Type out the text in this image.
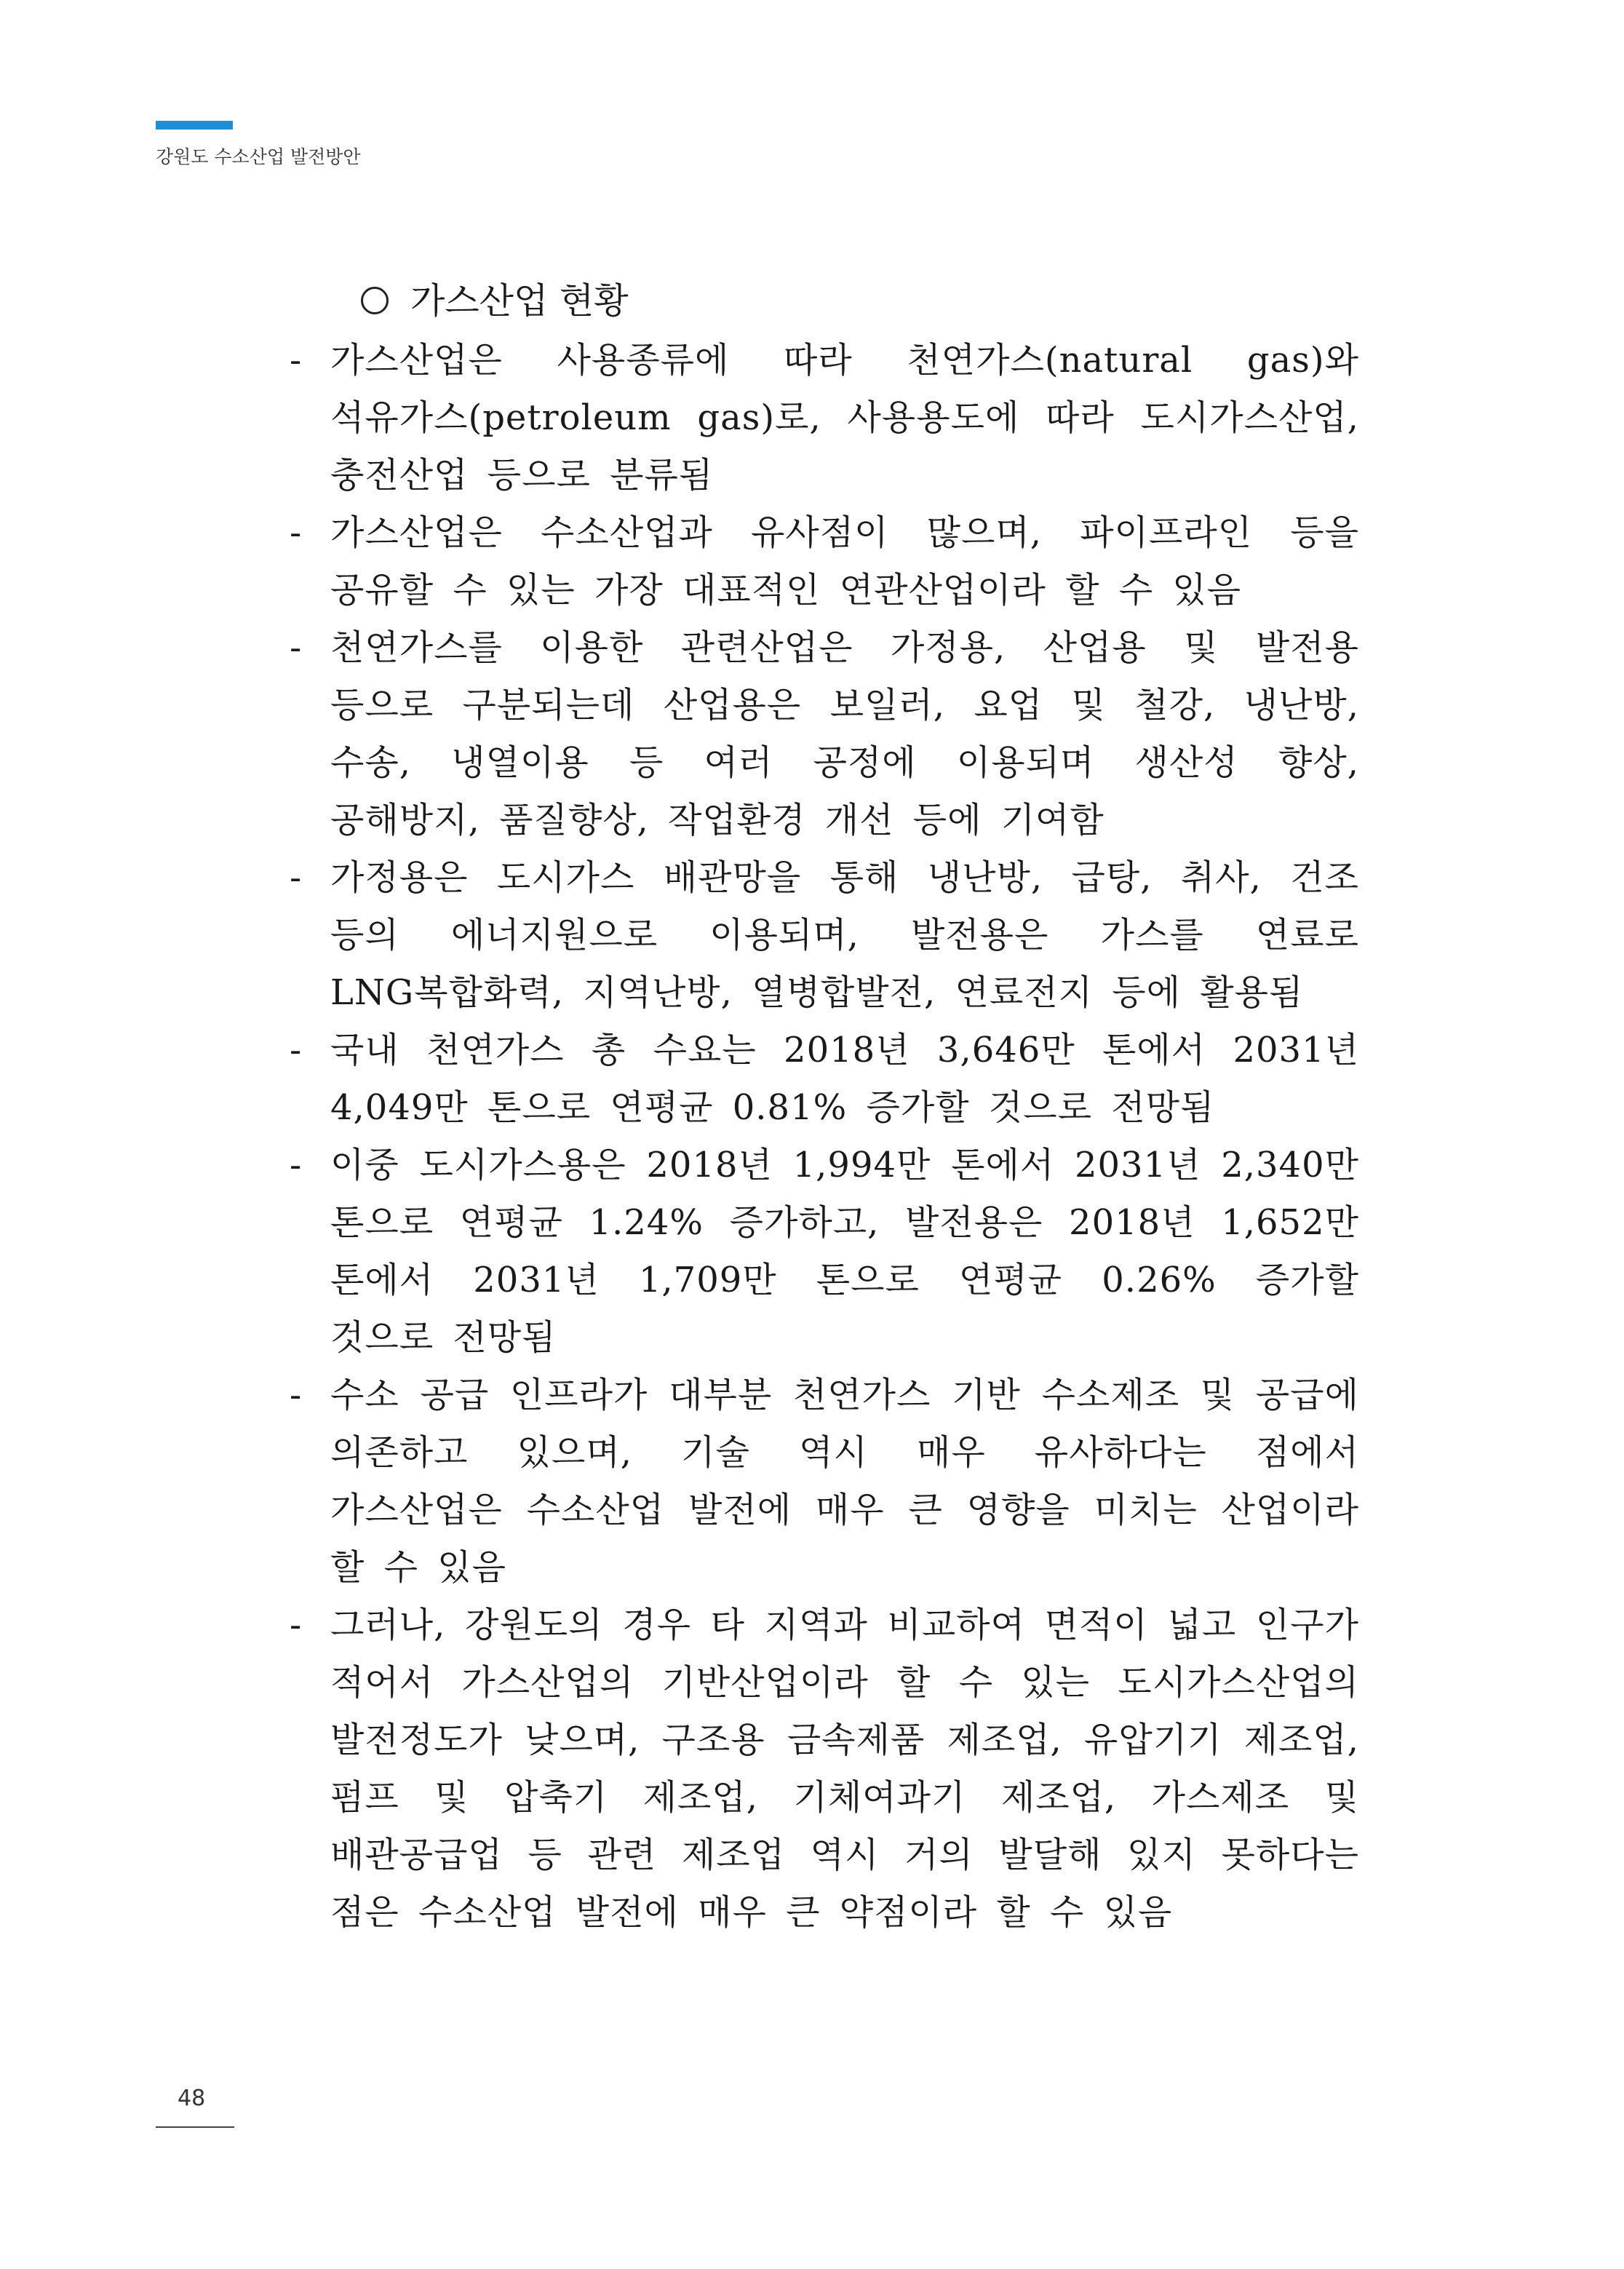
강원도 수소산업 발전방안
가스산업 현황
- 가스산업은 사용종류에 따라 천연가스(natural gas)와 석유가스(petroleum gas)로, 사용용도에 따라 도시가스산업, 충전산업 등으로 분류됨
- 가스산업은 수소산업과 유사점이 많으며, 파이프라인 등을 공유할 수 있는 가장 대표적인 연관산업이라 할 수 있음
- 천연가스를 이용한 관련산업은 가정용, 산업용 및 발전용 등으로 구분되는데 산업용은 보일러, 요업 및 철강, 냉난방, 수송, 냉열이용 등 여러 공정에 이용되며 생산성 향상, 공해방지, 품질향상, 작업환경 개선 등에 기여함
- 가정용은 도시가스 배관망을 통해 냉난방, 급탕, 취사, 건조 등의 에너지원으로 이용되며, 발전용은 가스를 연료로 LNG복합화력, 지역난방, 열병합발전, 연료전지 등에 활용됨
- 국내 천연가스 총 수요는 2018년 3,646만 톤에서 2031년 4,049만 톤으로 연평균 0.81% 증가할 것으로 전망됨
- 이중 도시가스용은 2018년 1,994만 톤에서 2031년 2,340만 톤으로 연평균 1.24% 증가하고, 발전용은 2018년 1,652만 톤에서 2031년 1,709만 톤으로 연평균 0.26% 증가할 것으로 전망됨
- 수소 공급 인프라가 대부분 천연가스 기반 수소제조 및 공급에 의존하고 있으며, 기술 역시 매우 유사하다는 점에서 가스산업은 수소산업 발전에 매우 큰 영향을 미치는 산업이라 할 수 있음
- 그러나, 강원도의 경우 타 지역과 비교하여 면적이 넓고 인구가 적어서 가스산업의 기반산업이라 할 수 있는 도시가스산업의 발전정도가 낮으며, 구조용 금속제품 제조업, 유압기기 제조업, 펌프 및 압축기 제조업, 기체여과기 제조업, 가스제조 및 배관공급업 등 관련 제조업 역시 거의 발달해 있지 못하다는 점은 수소산업 발전에 매우 큰 약점이라 할 수 있음
48
